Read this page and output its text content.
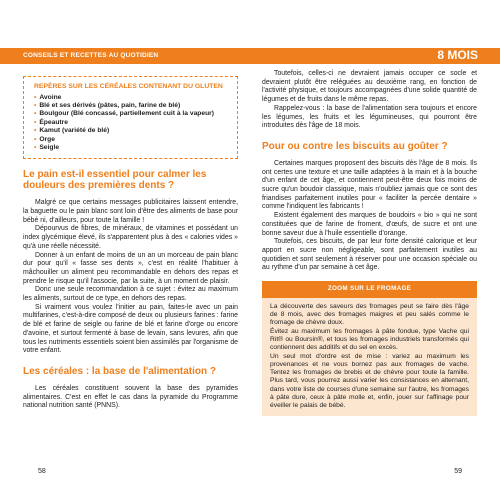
CONSEILS ET RECETTES AU QUOTIDIEN	8 MOIS
REPÈRES SUR LES CÉRÉALES CONTENANT DU GLUTEN
• Avoine
• Blé et ses dérivés (pâtes, pain, farine de blé)
• Boulgour (Blé concassé, partiellement cuit à la vapeur)
• Épeautre
• Kamut (variété de blé)
• Orge
• Seigle
Le pain est-il essentiel pour calmer les douleurs des premières dents ?

Malgré ce que certains messages publicitaires laissent entendre, la baguette ou le pain blanc sont loin d'être des aliments de base pour bébé ni, d'ailleurs, pour toute la famille !

Dépourvus de fibres, de minéraux, de vitamines et possédant un index glycémique élevé, ils s'apparentent plus à des « calories vides » qu'à une réelle nécessité.

Donner à un enfant de moins de un an un morceau de pain blanc dur pour qu'il « fasse ses dents », c'est en réalité l'habituer à mâchouiller un aliment peu recommandable en dehors des repas et prendre le risque qu'il l'associe, par la suite, à un moment de plaisir.

Donc une seule recommandation à ce sujet : évitez au maximum les aliments, surtout de ce type, en dehors des repas.

Si vraiment vous voulez l'initier au pain, faites-le avec un pain multifarines, c'est-à-dire composé de deux ou plusieurs farines : farine de blé et farine de seigle ou farine de blé et farine d'orge ou encore d'avoine, et surtout fermenté à base de levain, sans levures, afin que tous les nutriments essentiels soient bien assimilés par l'organisme de votre enfant.

Les céréales : la base de l'alimentation ?

Les céréales constituent souvent la base des pyramides alimentaires. C'est en effet le cas dans la pyramide du Programme national nutrition santé (PNNS).

Toutefois, celles-ci ne devraient jamais occuper ce socle et devraient plutôt être reléguées au deuxième rang, en fonction de l'activité physique, et toujours accompagnées d'une solide quantité de légumes et de fruits dans le même repas.

Rappelez-vous : la base de l'alimentation sera toujours et encore les légumes, les fruits et les légumineuses, qui pourront être introduites dès l'âge de 18 mois.

Pour ou contre les biscuits au goûter ?

Certaines marques proposent des biscuits dès l'âge de 8 mois. Ils ont certes une texture et une taille adaptées à la main et à la bouche d'un enfant de cet âge, et contiennent peut-être deux fois moins de sucre qu'un boudoir classique, mais n'oubliez jamais que ce sont des friandises parfaitement inutiles pour « faciliter la percée dentaire » comme l'indiquent les fabricants !

Existent également des marques de boudoirs « bio » qui ne sont constituées que de farine de froment, d'œufs, de sucre et ont une bonne saveur due à l'huile essentielle d'orange.

Toutefois, ces biscuits, de par leur forte densité calorique et leur apport en sucre non négligeable, sont parfaitement inutiles au quotidien et sont seulement à réserver pour une occasion spéciale ou au rythme d'un par semaine à cet âge.

ZOOM SUR LE FROMAGE

La découverte des saveurs des fromages peut se faire dès l'âge de 8 mois, avec des fromages maigres et peu salés comme le fromage de chèvre doux.

Évitez au maximum les fromages à pâte fondue, type Vache qui Rit® ou Boursin®, et tous les fromages industriels transformés qui contiennent des additifs et du sel en excès.

Un seul mot d'ordre est de mise : variez au maximum les provenances et ne vous bornez pas aux fromages de vache. Tentez les fromages de brebis et de chèvre pour toute la famille. Plus tard, vous pourrez aussi varier les consistances en alternant, dans votre liste de courses d'une semaine sur l'autre, les fromages à pâte dure, ceux à pâte molle et, enfin, jouer sur l'affinage pour éveiller le palais de bébé.

58	59
